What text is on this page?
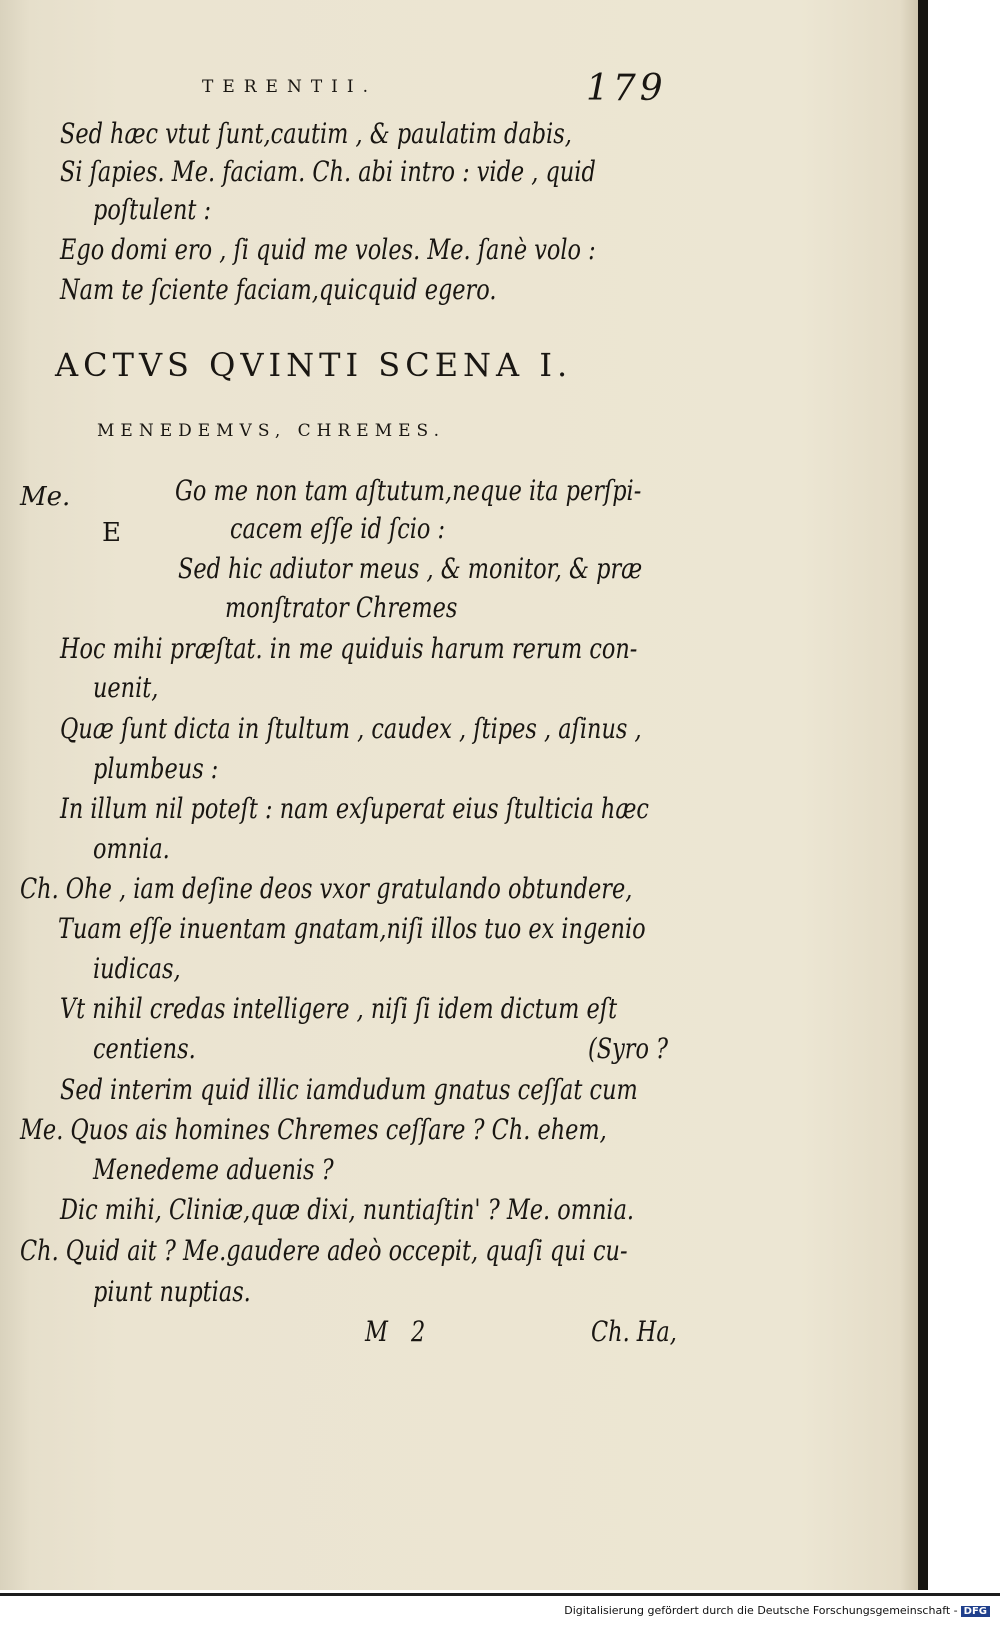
TERENTII.	179
Sed hæc vtut ſunt,cautim , & paulatim dabis,
Si ſapies. Me. faciam. Ch. abi intro : vide , quid
poſtulent :
Ego domi ero , ſi quid me voles. Me. ſanè volo :
Nam te ſciente faciam,quicquid egero.
ACTVS QVINTI SCENA I.
MENEDEMVS, CHREMES.
Me.
E
Go me non tam aſtutum,neque ita perſpi-
cacem eſſe id ſcio :
Sed hic adiutor meus , & monitor, & præ
monſtrator Chremes
Hoc mihi præſtat. in me quiduis harum rerum con-
uenit,
Quæ ſunt dicta in ſtultum , caudex , ſtipes , aſinus ,
plumbeus :
In illum nil poteſt : nam exſuperat eius ſtulticia hæc
omnia.
Ch. Ohe , iam deſine deos vxor gratulando obtundere,
Tuam eſſe inuentam gnatam,niſi illos tuo ex ingenio
iudicas,
Vt nihil credas intelligere , niſi ſi idem dictum eſt
centiens.	(Syro ?
Sed interim quid illic iamdudum gnatus ceſſat cum
Me. Quos ais homines Chremes ceſſare ? Ch. ehem,
Menedeme aduenis ?
Dic mihi, Cliniæ,quæ dixi, nuntiaſtin' ? Me. omnia.
Ch. Quid ait ? Me.gaudere adeò occepit, quaſi qui cu-
piunt nuptias.
M 2	Ch. Ha,
Digitalisierung gefördert durch die Deutsche Forschungsgemeinschaft - DFG
